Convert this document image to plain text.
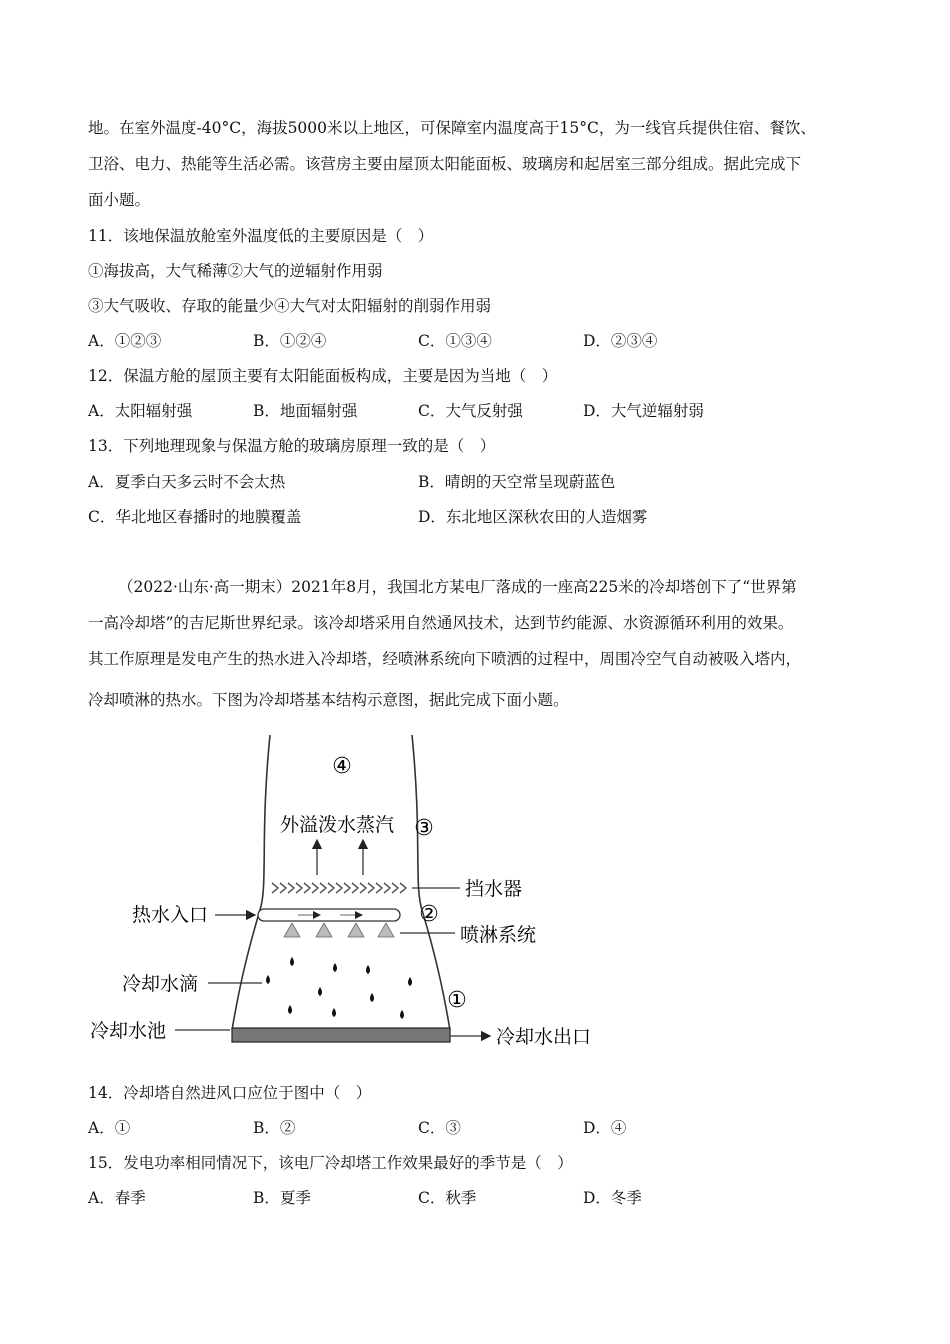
地。在室外温度-40°C，海拔5000米以上地区，可保障室内温度高于15°C，为一线官兵提供住宿、餐饮、
卫浴、电力、热能等生活必需。该营房主要由屋顶太阳能面板、玻璃房和起居室三部分组成。据此完成下
面小题。
11．该地保温放舱室外温度低的主要原因是（　）
①海拔高，大气稀薄②大气的逆辐射作用弱
③大气吸收、存取的能量少④大气对太阳辐射的削弱作用弱
A．①②③	B．①②④	C．①③④	D．②③④
12．保温方舱的屋顶主要有太阳能面板构成，主要是因为当地（　）
A．太阳辐射强	B．地面辐射强	C．大气反射强	D．大气逆辐射弱
13．下列地理现象与保温方舱的玻璃房原理一致的是（　）
A．夏季白天多云时不会太热	B．晴朗的天空常呈现蔚蓝色
C．华北地区春播时的地膜覆盖	D．东北地区深秋农田的人造烟雾
（2022·山东·高一期末）2021年8月，我国北方某电厂落成的一座高225米的冷却塔创下了“世界第
一高冷却塔”的吉尼斯世界纪录。该冷却塔采用自然通风技术，达到节约能源、水资源循环利用的效果。
其工作原理是发电产生的热水进入冷却塔，经喷淋系统向下喷洒的过程中，周围冷空气自动被吸入塔内，
冷却喷淋的热水。下图为冷却塔基本结构示意图，据此完成下面小题。
④
③
②
①
外溢泼水蒸汽
挡水器
热水入口
喷淋系统
冷却水滴
冷却水池	冷却水出口
14．冷却塔自然进风口应位于图中（　）
A．①	B．②	C．③	D．④
15．发电功率相同情况下，该电厂冷却塔工作效果最好的季节是（　）
A．春季	B．夏季	C．秋季	D．冬季
